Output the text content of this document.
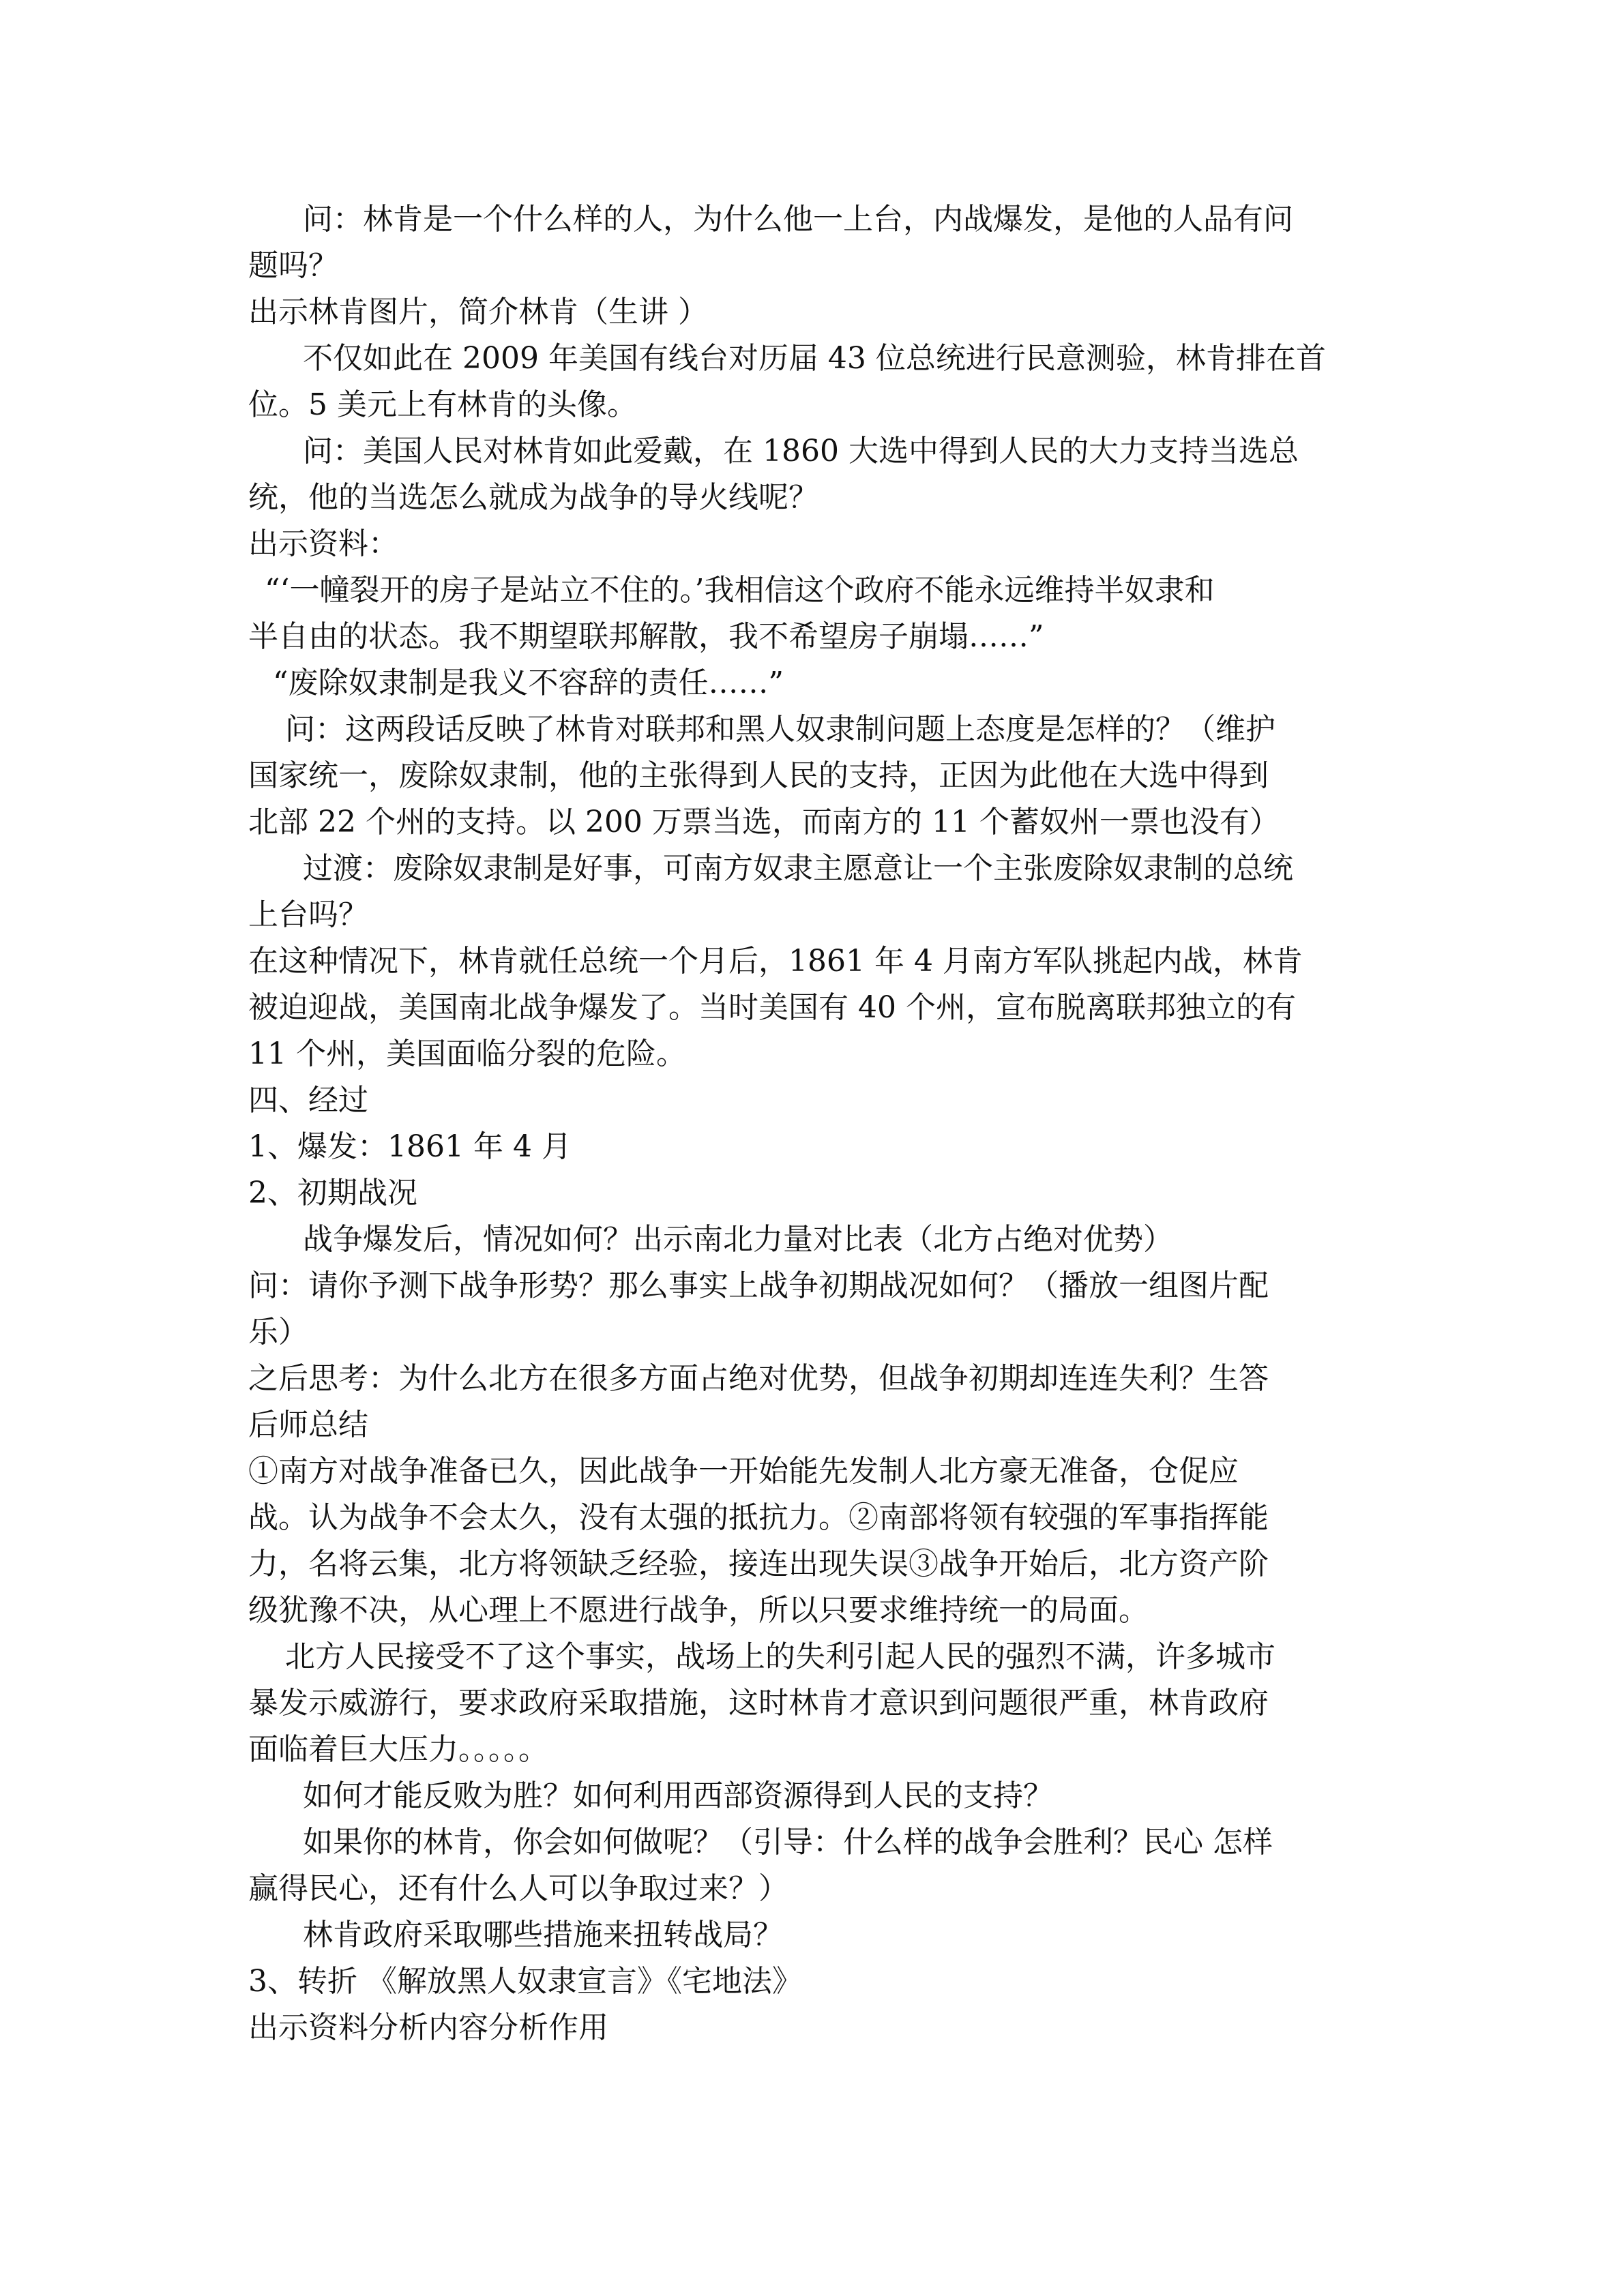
问：林肯是一个什么样的人，为什么他一上台，内战爆发，是他的人品有问
题吗？
出示林肯图片，简介林肯（生讲 ）
不仅如此在 2009 年美国有线台对历届 43 位总统进行民意测验，林肯排在首
位。5 美元上有林肯的头像。
问：美国人民对林肯如此爱戴，在 1860 大选中得到人民的大力支持当选总
统，他的当选怎么就成为战争的导火线呢？
出示资料：
“‘一幢裂开的房子是站立不住的。’我相信这个政府不能永远维持半奴隶和
半自由的状态。我不期望联邦解散，我不希望房子崩塌……”
“废除奴隶制是我义不容辞的责任……”
问：这两段话反映了林肯对联邦和黑人奴隶制问题上态度是怎样的？（维护
国家统一，废除奴隶制，他的主张得到人民的支持，正因为此他在大选中得到
北部 22 个州的支持。以 200 万票当选，而南方的 11 个蓄奴州一票也没有）
过渡：废除奴隶制是好事，可南方奴隶主愿意让一个主张废除奴隶制的总统
上台吗？
在这种情况下，林肯就任总统一个月后，1861 年 4 月南方军队挑起内战，林肯
被迫迎战，美国南北战争爆发了。当时美国有 40 个州，宣布脱离联邦独立的有
11 个州，美国面临分裂的危险。
四、经过
1、爆发：1861 年 4 月
2、初期战况
战争爆发后，情况如何？出示南北力量对比表（北方占绝对优势）
问：请你予测下战争形势？那么事实上战争初期战况如何？（播放一组图片配
乐）
之后思考：为什么北方在很多方面占绝对优势，但战争初期却连连失利？生答
后师总结
①南方对战争准备已久，因此战争一开始能先发制人北方豪无准备，仓促应
战。认为战争不会太久，没有太强的抵抗力。②南部将领有较强的军事指挥能
力，名将云集，北方将领缺乏经验，接连出现失误③战争开始后，北方资产阶
级犹豫不决，从心理上不愿进行战争，所以只要求维持统一的局面。
北方人民接受不了这个事实，战场上的失利引起人民的强烈不满，许多城市
暴发示威游行，要求政府采取措施，这时林肯才意识到问题很严重，林肯政府
面临着巨大压力。。。。。
如何才能反败为胜？如何利用西部资源得到人民的支持？
如果你的林肯，你会如何做呢？（引导：什么样的战争会胜利？民心 怎样
赢得民心，还有什么人可以争取过来？）
林肯政府采取哪些措施来扭转战局？
3、转折 《解放黑人奴隶宣言》《宅地法》
出示资料分析内容分析作用
